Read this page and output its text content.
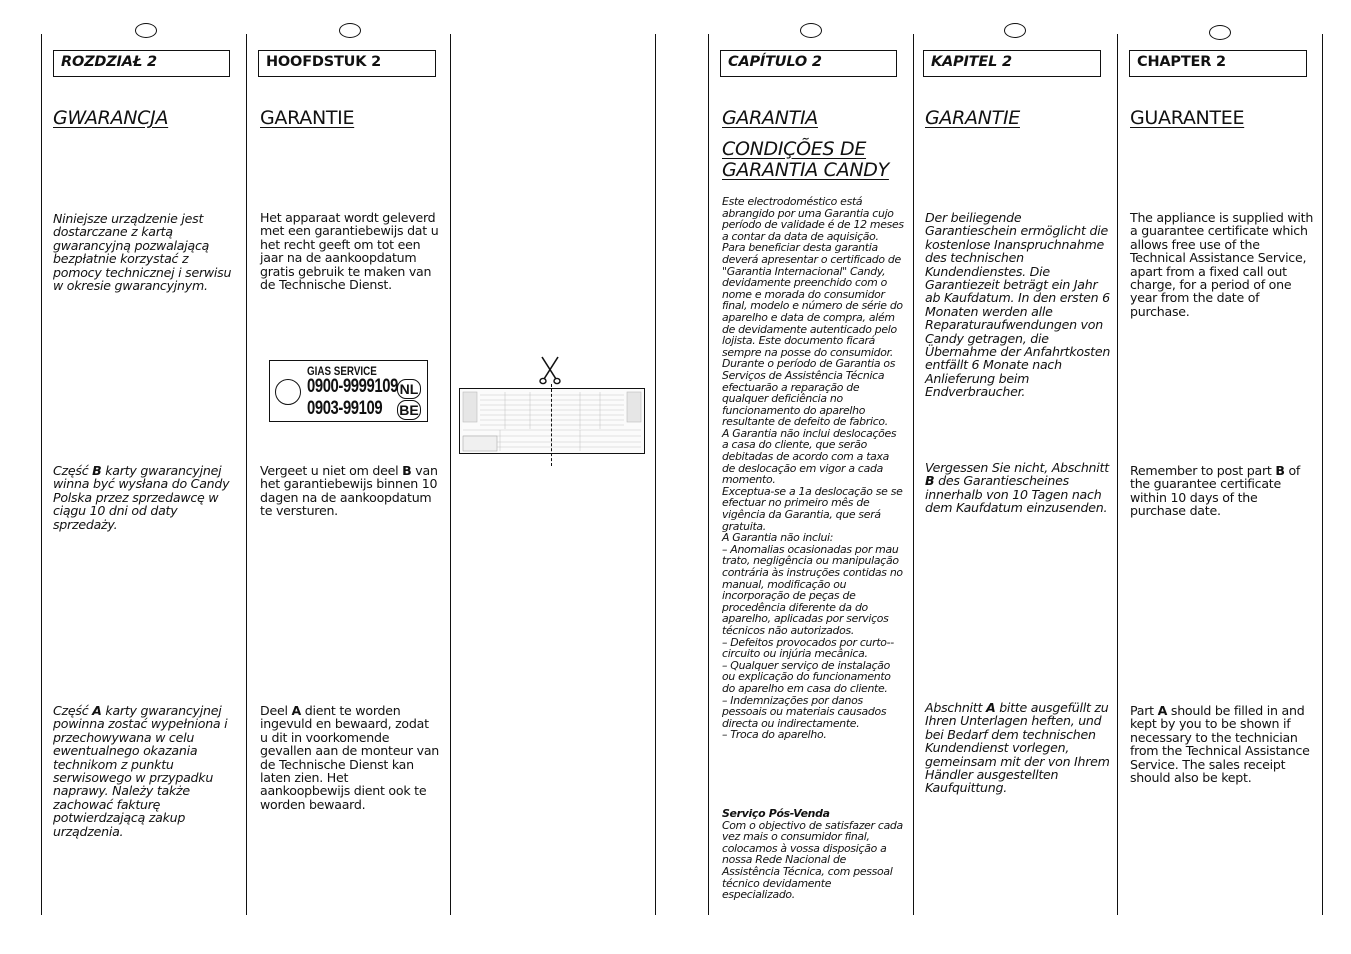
ROZDZIAŁ 2
GWARANCJA
Niniejsze urządzenie jest dostarczane z kartą gwarancyjną pozwalającą bezpłatnie korzystać z pomocy technicznej i serwisu w okresie gwarancyjnym.
Część B karty gwarancyjnej winna być wysłana do Candy Polska przez sprzedawcę w ciągu 10 dni od daty sprzedaży.
Część A karty gwarancyjnej powinna zostać wypełniona i przechowywana w celu ewentualnego okazania technikom z punktu serwisowego w przypadku naprawy. Należy także zachować fakturę potwierdzającą zakup urządzenia.
HOOFDSTUK 2
GARANTIE
Het apparaat wordt geleverd met een garantiebewijs dat u het recht geeft om tot een jaar na de aankoopdatum gratis gebruik te maken van de Technische Dienst.
GIAS SERVICE
0900-9999109 NL
0903-99109 BE
Vergeet u niet om deel B van het garantiebewijs binnen 10 dagen na de aankoopdatum te versturen.
Deel A dient te worden ingevuld en bewaard, zodat u dit in voorkomende gevallen aan de monteur van de Technische Dienst kan laten zien. Het aankoopbewijs dient ook te worden bewaard.
CAPÍTULO 2
GARANTIA
CONDIÇÕES DE GARANTIA CANDY
Este electrodoméstico está abrangido por uma Garantia cujo período de validade é de 12 meses a contar da data de aquisição.
Para beneficiar desta garantia deverá apresentar o certificado de "Garantia Internacional" Candy, devidamente preenchido com o nome e morada do consumidor final, modelo e número de série do aparelho e data de compra, além de devidamente autenticado pelo lojista. Este documento ficará sempre na posse do consumidor.
Durante o período de Garantia os Serviços de Assistência Técnica efectuarão a reparação de qualquer deficiência no funcionamento do aparelho resultante de defeito de fabrico.
A Garantia não inclui deslocações a casa do cliente, que serão debitadas de acordo com a taxa de deslocação em vigor a cada momento.
Exceptua-se a 1a deslocação se se efectuar no primeiro mês de vigência da Garantia, que será gratuita.
A Garantia não inclui:
– Anomalias ocasionadas por mau trato, negligência ou manipulação contrária às instruções contidas no manual, modificação ou incorporação de peças de procedência diferente da do aparelho, aplicadas por serviços técnicos não autorizados.
– Defeitos provocados por curto--circuito ou injúria mecânica.
– Qualquer serviço de instalação ou explicação do funcionamento do aparelho em casa do cliente.
– Indemnizações por danos pessoais ou materiais causados directa ou indirectamente.
– Troca do aparelho.
Serviço Pós-Venda
Com o objectivo de satisfazer cada vez mais o consumidor final, colocamos à vossa disposição a nossa Rede Nacional de Assistência Técnica, com pessoal técnico devidamente especializado.
KAPITEL 2
GARANTIE
Der beiliegende Garantieschein ermöglicht die kostenlose Inanspruchnahme des technischen Kundendienstes. Die Garantiezeit beträgt ein Jahr ab Kaufdatum. In den ersten 6 Monaten werden alle Reparaturaufwendungen von Candy getragen, die Übernahme der Anfahrtkosten entfällt 6 Monate nach Anlieferung beim Endverbraucher.
Vergessen Sie nicht, Abschnitt B des Garantiescheines innerhalb von 10 Tagen nach dem Kaufdatum einzusenden.
Abschnitt A bitte ausgefüllt zu Ihren Unterlagen heften, und bei Bedarf dem technischen Kundendienst vorlegen, gemeinsam mit der von Ihrem Händler ausgestellten Kaufquittung.
CHAPTER 2
GUARANTEE
The appliance is supplied with a guarantee certificate which allows free use of the Technical Assistance Service, apart from a fixed call out charge, for a period of one year from the date of purchase.
Remember to post part B of the guarantee certificate within 10 days of the purchase date.
Part A should be filled in and kept by you to be shown if necessary to the technician from the Technical Assistance Service. The sales receipt should also be kept.
